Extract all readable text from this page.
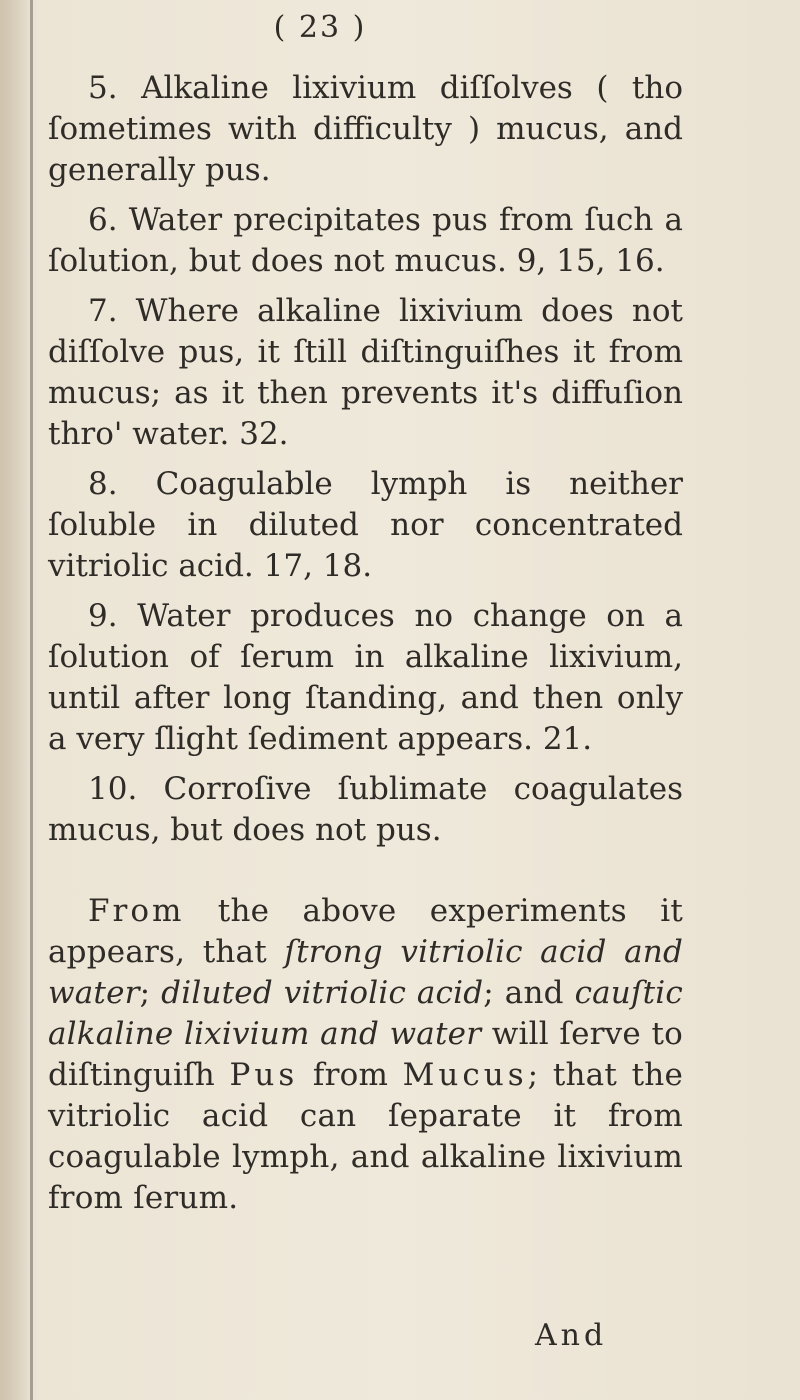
( 23 )

5. Alkaline lixivium diſſolves ( tho ſometimes with difficulty ) mucus, and generally pus.

6. Water precipitates pus from ſuch a ſolution, but does not mucus. 9, 15, 16.

7. Where alkaline lixivium does not diſſolve pus, it ſtill diſtinguiſhes it from mucus; as it then prevents it's diffuſion thro' water. 32.

8. Coagulable lymph is neither ſoluble in diluted nor concentrated vitriolic acid. 17, 18.

9. Water produces no change on a ſolution of ſerum in alkaline lixivium, until after long ſtanding, and then only a very ſlight ſediment appears. 21.

10. Corroſive ſublimate coagulates mucus, but does not pus.

From the above experiments it appears, that ſtrong vitriolic acid and water; diluted vitriolic acid; and cauſtic alkaline lixivium and water will ſerve to diſtinguiſh Pus from Mucus; that the vitriolic acid can ſeparate it from coagulable lymph, and alkaline lixivium from ſerum.

And
